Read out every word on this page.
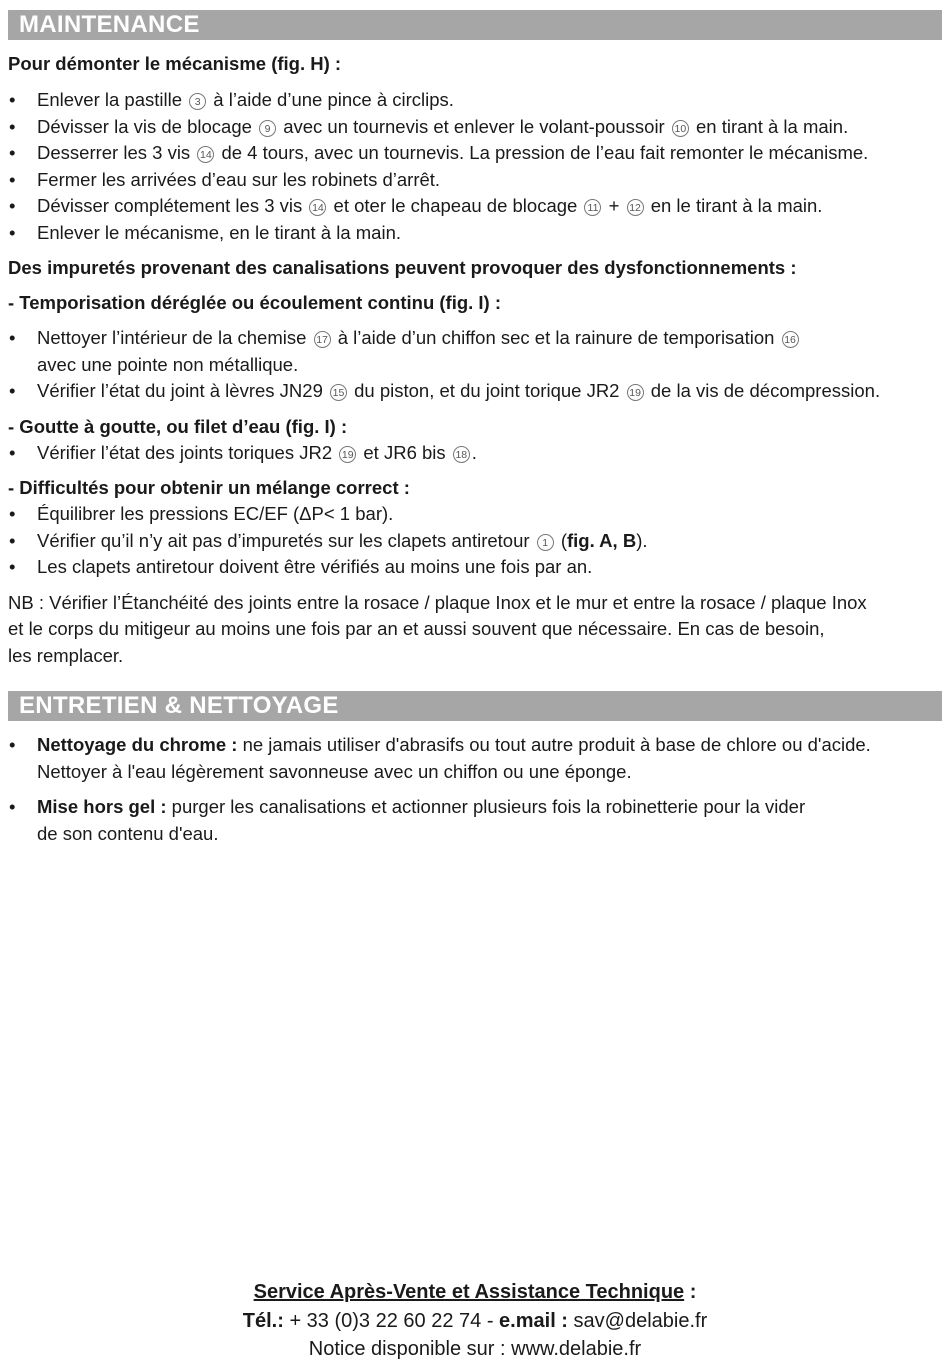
MAINTENANCE

Pour démonter le mécanisme (fig. H) :

• Enlever la pastille 3 à l’aide d’une pince à circlips.
• Dévisser la vis de blocage 9 avec un tournevis et enlever le volant-poussoir 10 en tirant à la main.
• Desserrer les 3 vis 14 de 4 tours, avec un tournevis. La pression de l’eau fait remonter le mécanisme.
• Fermer les arrivées d’eau sur les robinets d’arrêt.
• Dévisser complétement les 3 vis 14 et oter le chapeau de blocage 11 + 12 en le tirant à la main.
• Enlever le mécanisme, en le tirant à la main.

Des impuretés provenant des canalisations peuvent provoquer des dysfonctionnements :

- Temporisation déréglée ou écoulement continu (fig. I) :

• Nettoyer l’intérieur de la chemise 17 à l’aide d’un chiffon sec et la rainure de temporisation 16
avec une pointe non métallique.
• Vérifier l’état du joint à lèvres JN29 15 du piston, et du joint torique JR2 19 de la vis de décompression.

- Goutte à goutte, ou filet d’eau (fig. I) :

• Vérifier l’état des joints toriques JR2 19 et JR6 bis 18 .

- Difficultés pour obtenir un mélange correct :

• Équilibrer les pressions EC/EF (ΔP< 1 bar).
• Vérifier qu’il n’y ait pas d’impuretés sur les clapets antiretour 1 (fig. A, B).
• Les clapets antiretour doivent être vérifiés au moins une fois par an.
NB : Vérifier l’Étanchéité des joints entre la rosace / plaque Inox et le mur et entre la rosace / plaque Inox
et le corps du mitigeur au moins une fois par an et aussi souvent que nécessaire. En cas de besoin,
les remplacer.
ENTRETIEN & NETTOYAGE
• Nettoyage du chrome : ne jamais utiliser d'abrasifs ou tout autre produit à base de chlore ou d'acide.
Nettoyer à l'eau légèrement savonneuse avec un chiffon ou une éponge.
• Mise hors gel : purger les canalisations et actionner plusieurs fois la robinetterie pour la vider
de son contenu d'eau.
Service Après-Vente et Assistance Technique :
Tél.: + 33 (0)3 22 60 22 74 - e.mail : sav@delabie.fr
Notice disponible sur : www.delabie.fr
